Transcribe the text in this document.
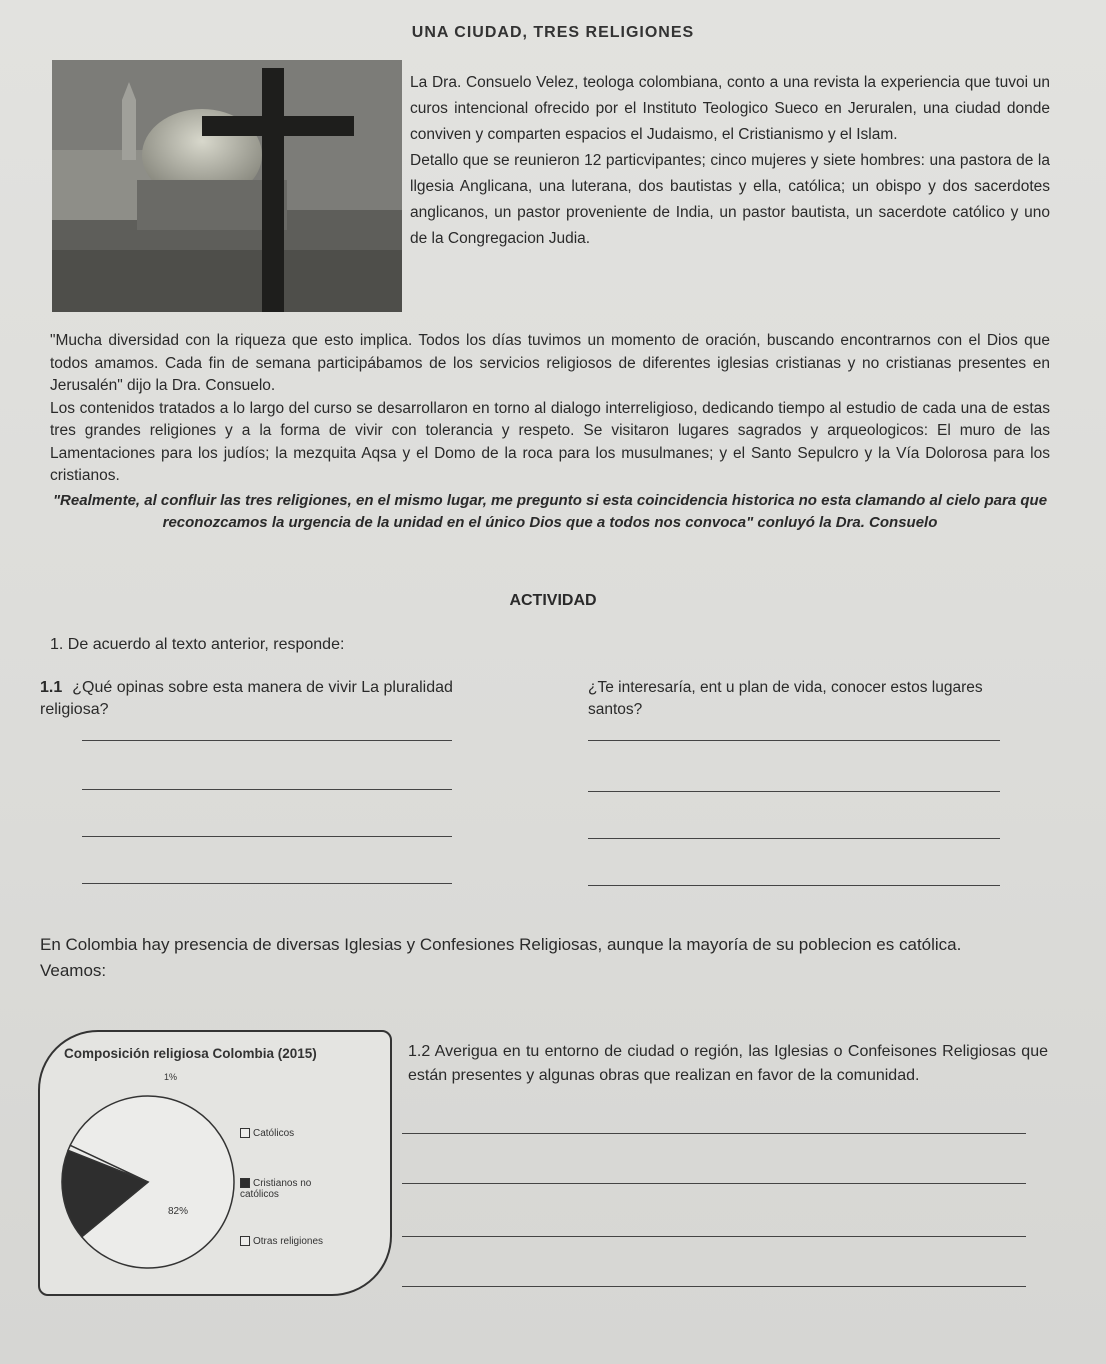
UNA CIUDAD, TRES RELIGIONES

La Dra. Consuelo Velez, teologa colombiana, conto a una revista la experiencia que tuvoi un curos intencional ofrecido por el Instituto Teologico Sueco en Jeruralen, una ciudad donde conviven y comparten espacios el Judaismo, el Cristianismo y el Islam.

Detallo que se reunieron 12 particvipantes; cinco mujeres y siete hombres: una pastora de la llgesia Anglicana, una luterana, dos bautistas y ella, católica; un obispo y dos sacerdotes anglicanos, un pastor proveniente de India, un pastor bautista, un sacerdote católico y uno de la Congregacion Judia.

"Mucha diversidad con la riqueza que esto implica. Todos los días tuvimos un momento de oración, buscando encontrarnos con el Dios que todos amamos. Cada fin de semana participábamos de los servicios religiosos de diferentes iglesias cristianas y no cristianas presentes en Jerusalén" dijo la Dra. Consuelo.

Los contenidos tratados a lo largo del curso se desarrollaron en torno al dialogo interreligioso, dedicando tiempo al estudio de cada una de estas tres grandes religiones y a la forma de vivir con tolerancia y respeto. Se visitaron lugares sagrados y arqueologicos: El muro de las Lamentaciones para los judíos; la mezquita Aqsa y el Domo de la roca para los musulmanes; y el Santo Sepulcro y la Vía Dolorosa para los cristianos.

"Realmente, al confluir las tres religiones, en el mismo lugar, me pregunto si esta coincidencia historica no esta clamando al cielo para que reconozcamos la urgencia de la unidad en el único Dios que a todos nos convoca" conluyó la Dra. Consuelo

ACTIVIDAD
1. De acuerdo al texto anterior, responde:
1.1 ¿Qué opinas sobre esta manera de vivir La pluralidad religiosa?
¿Te interesaría, ent u plan de vida, conocer estos lugares santos?
En Colombia hay presencia de diversas Iglesias y Confesiones Religiosas, aunque la mayoría de su poblecion es católica. Veamos:
Composición religiosa Colombia (2015)
82%
1%
Católicos
Cristianos no católicos
Otras religiones
1.2 Averigua en tu entorno de ciudad o región, las Iglesias o Confeisones Religiosas que están presentes y algunas obras que realizan en favor de la comunidad.
